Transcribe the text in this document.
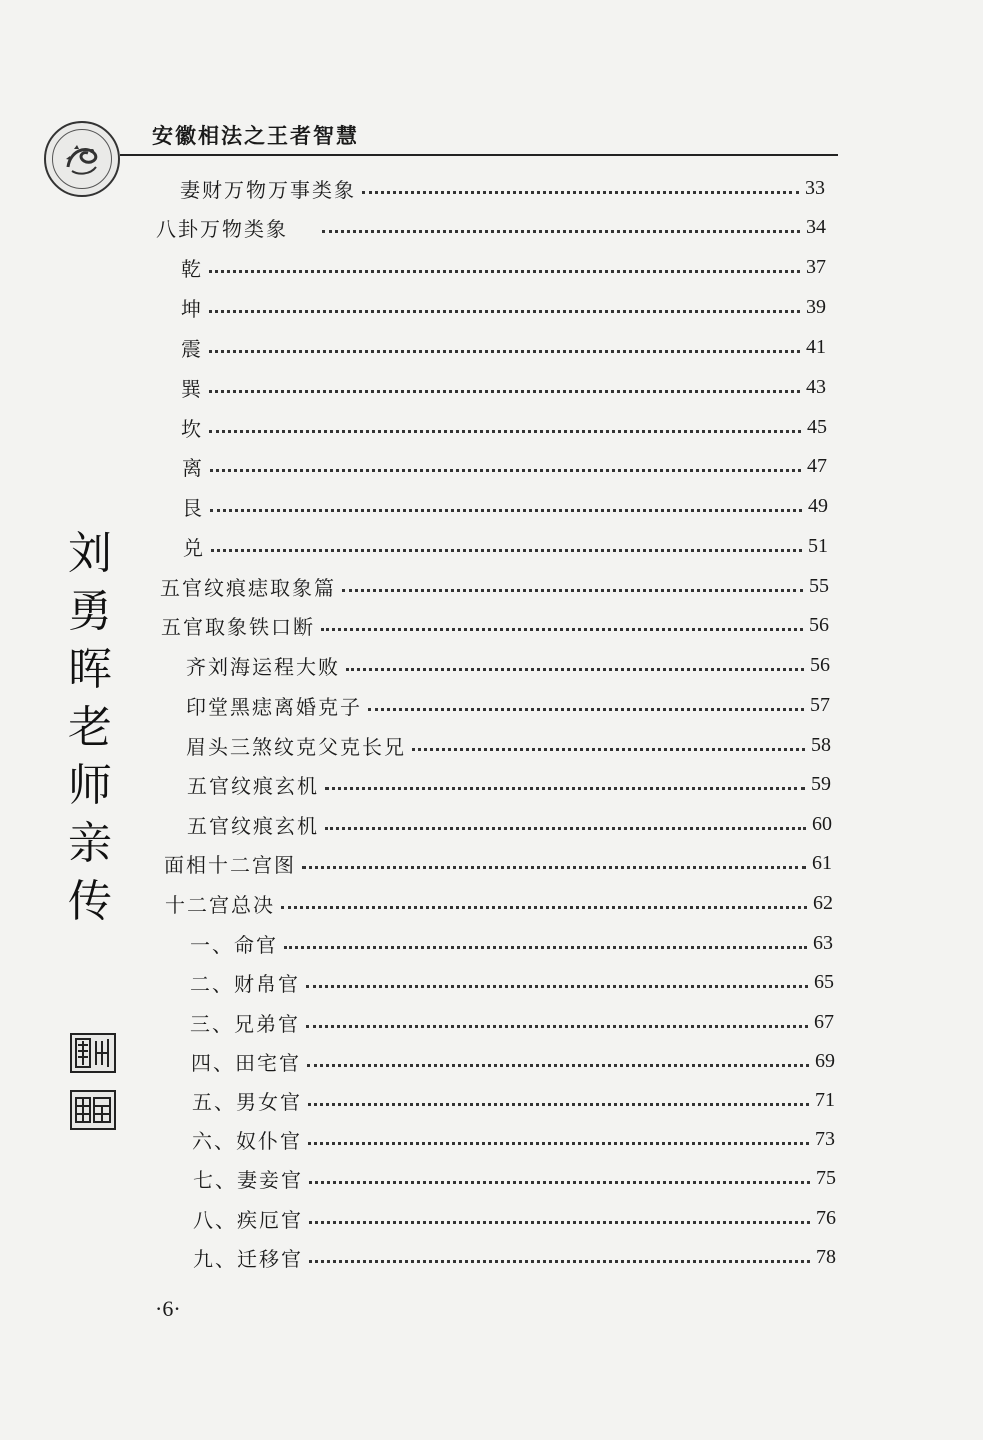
安徽相法之王者智慧
妻财万物万事类象	33
八卦万物类象	34
乾	37
坤	39
震	41
巽	43
坎	45
离	47
艮	49
兑	51
五官纹痕痣取象篇	55
五官取象铁口断	56
齐刘海运程大败	56
印堂黑痣离婚克子	57
眉头三煞纹克父克长兄	58
五官纹痕玄机	59
五官纹痕玄机	60
面相十二宫图	61
十二宫总决	62
一、命官	63
二、财帛官	65
三、兄弟官	67
四、田宅官	69
五、男女官	71
六、奴仆官	73
七、妻妾官	75
八、疾厄官	76
九、迁移官	78
刘
勇
晖
老
师
亲
传
·6·
